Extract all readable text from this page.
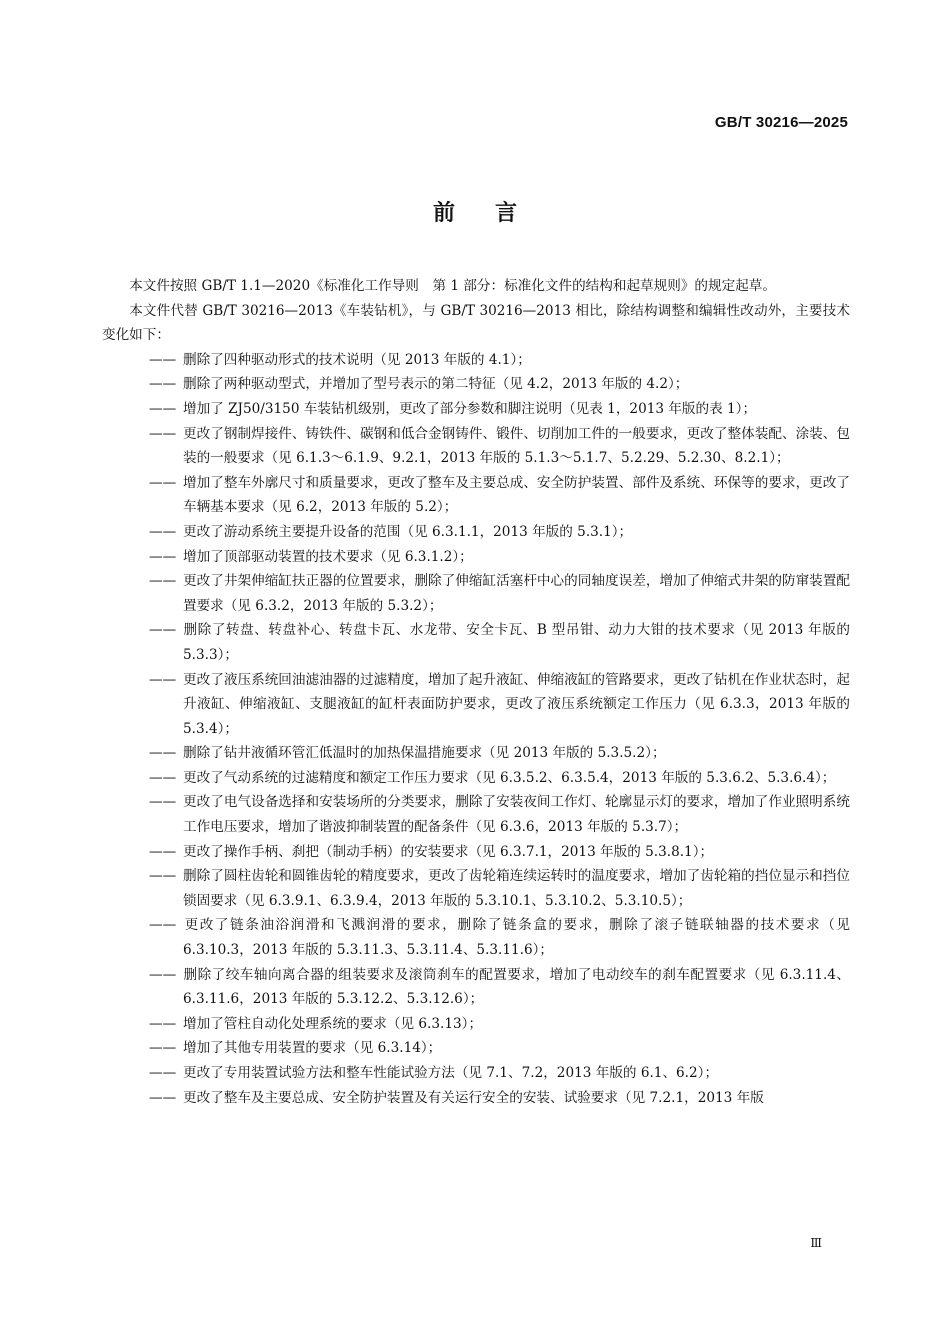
GB/T 30216—2025
前言

本文件按照 GB/T 1.1—2020《标准化工作导则　第 1 部分：标准化文件的结构和起草规则》的规定起草。

本文件代替 GB/T 30216—2013《车装钻机》，与 GB/T 30216—2013 相比，除结构调整和编辑性改动外，主要技术变化如下：

—— 删除了四种驱动形式的技术说明（见 2013 年版的 4.1）；

—— 删除了两种驱动型式，并增加了型号表示的第二特征（见 4.2，2013 年版的 4.2）；

—— 增加了 ZJ50/3150 车装钻机级别，更改了部分参数和脚注说明（见表 1，2013 年版的表 1）；

—— 更改了钢制焊接件、铸铁件、碳钢和低合金钢铸件、锻件、切削加工件的一般要求，更改了整体装配、涂装、包装的一般要求（见 6.1.3～6.1.9、9.2.1，2013 年版的 5.1.3～5.1.7、5.2.29、5.2.30、8.2.1）；

—— 增加了整车外廓尺寸和质量要求，更改了整车及主要总成、安全防护装置、部件及系统、环保等的要求，更改了车辆基本要求（见 6.2，2013 年版的 5.2）；

—— 更改了游动系统主要提升设备的范围（见 6.3.1.1，2013 年版的 5.3.1）；

—— 增加了顶部驱动装置的技术要求（见 6.3.1.2）；

—— 更改了井架伸缩缸扶正器的位置要求，删除了伸缩缸活塞杆中心的同轴度误差，增加了伸缩式井架的防窜装置配置要求（见 6.3.2，2013 年版的 5.3.2）；

—— 删除了转盘、转盘补心、转盘卡瓦、水龙带、安全卡瓦、B 型吊钳、动力大钳的技术要求（见 2013 年版的 5.3.3）；

—— 更改了液压系统回油滤油器的过滤精度，增加了起升液缸、伸缩液缸的管路要求，更改了钻机在作业状态时，起升液缸、伸缩液缸、支腿液缸的缸杆表面防护要求，更改了液压系统额定工作压力（见 6.3.3，2013 年版的 5.3.4）；

—— 删除了钻井液循环管汇低温时的加热保温措施要求（见 2013 年版的 5.3.5.2）；

—— 更改了气动系统的过滤精度和额定工作压力要求（见 6.3.5.2、6.3.5.4，2013 年版的 5.3.6.2、5.3.6.4）；

—— 更改了电气设备选择和安装场所的分类要求，删除了安装夜间工作灯、轮廓显示灯的要求，增加了作业照明系统工作电压要求，增加了谐波抑制装置的配备条件（见 6.3.6，2013 年版的 5.3.7）；

—— 更改了操作手柄、刹把（制动手柄）的安装要求（见 6.3.7.1，2013 年版的 5.3.8.1）；

—— 删除了圆柱齿轮和圆锥齿轮的精度要求，更改了齿轮箱连续运转时的温度要求，增加了齿轮箱的挡位显示和挡位锁固要求（见 6.3.9.1、6.3.9.4，2013 年版的 5.3.10.1、5.3.10.2、5.3.10.5）；

—— 更改了链条油浴润滑和飞溅润滑的要求，删除了链条盒的要求，删除了滚子链联轴器的技术要求（见 6.3.10.3，2013 年版的 5.3.11.3、5.3.11.4、5.3.11.6）；

—— 删除了绞车轴向离合器的组装要求及滚筒刹车的配置要求，增加了电动绞车的刹车配置要求（见 6.3.11.4、6.3.11.6，2013 年版的 5.3.12.2、5.3.12.6）；

—— 增加了管柱自动化处理系统的要求（见 6.3.13）；

—— 增加了其他专用装置的要求（见 6.3.14）；

—— 更改了专用装置试验方法和整车性能试验方法（见 7.1、7.2，2013 年版的 6.1、6.2）；

—— 更改了整车及主要总成、安全防护装置及有关运行安全的安装、试验要求（见 7.2.1，2013 年版

Ⅲ
